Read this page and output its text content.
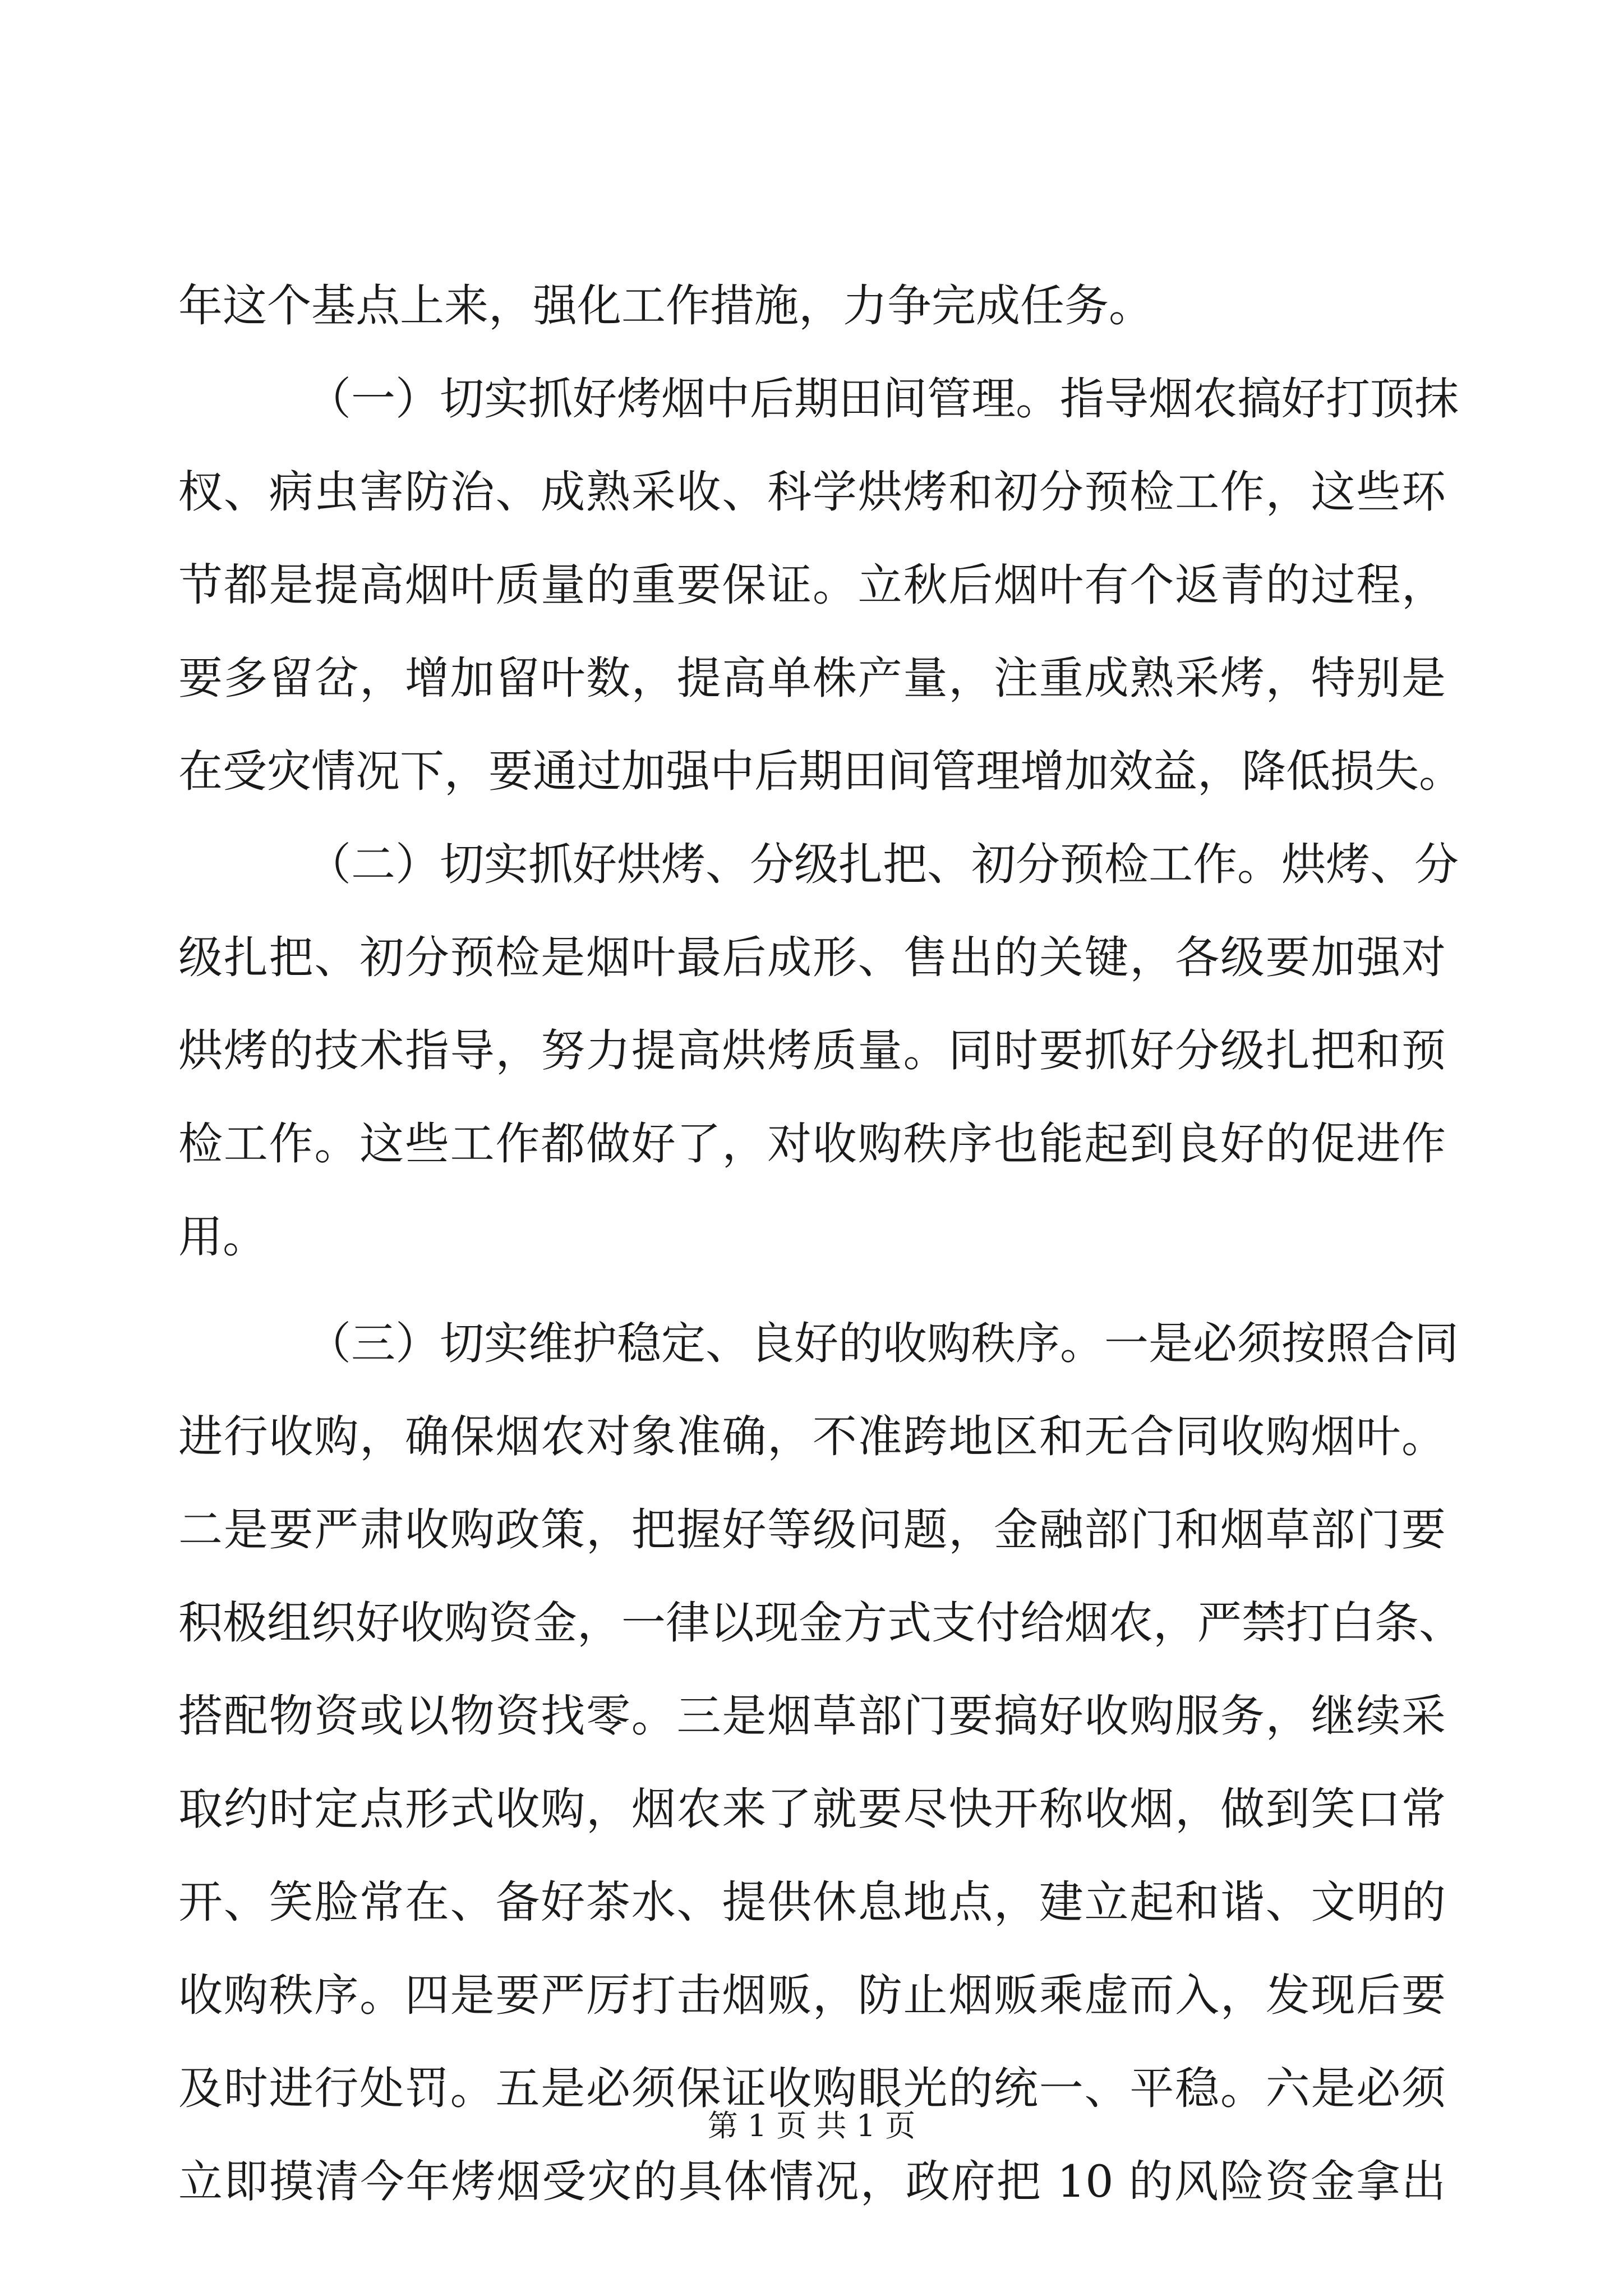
年这个基点上来，强化工作措施，力争完成任务。
（一）切实抓好烤烟中后期田间管理。指导烟农搞好打顶抹
杈、病虫害防治、成熟采收、科学烘烤和初分预检工作，这些环
节都是提高烟叶质量的重要保证。立秋后烟叶有个返青的过程，
要多留岔，增加留叶数，提高单株产量，注重成熟采烤，特别是
在受灾情况下，要通过加强中后期田间管理增加效益，降低损失。
（二）切实抓好烘烤、分级扎把、初分预检工作。烘烤、分
级扎把、初分预检是烟叶最后成形、售出的关键，各级要加强对
烘烤的技术指导，努力提高烘烤质量。同时要抓好分级扎把和预
检工作。这些工作都做好了，对收购秩序也能起到良好的促进作
用。
（三）切实维护稳定、良好的收购秩序。一是必须按照合同
进行收购，确保烟农对象准确，不准跨地区和无合同收购烟叶。
二是要严肃收购政策，把握好等级问题，金融部门和烟草部门要
积极组织好收购资金，一律以现金方式支付给烟农，严禁打白条、
搭配物资或以物资找零。三是烟草部门要搞好收购服务，继续采
取约时定点形式收购，烟农来了就要尽快开称收烟，做到笑口常
开、笑脸常在、备好茶水、提供休息地点，建立起和谐、文明的
收购秩序。四是要严厉打击烟贩，防止烟贩乘虚而入，发现后要
及时进行处罚。五是必须保证收购眼光的统一、平稳。六是必须
立即摸清今年烤烟受灾的具体情况，政府把 10 的风险资金拿出
第 1 页 共 1 页
